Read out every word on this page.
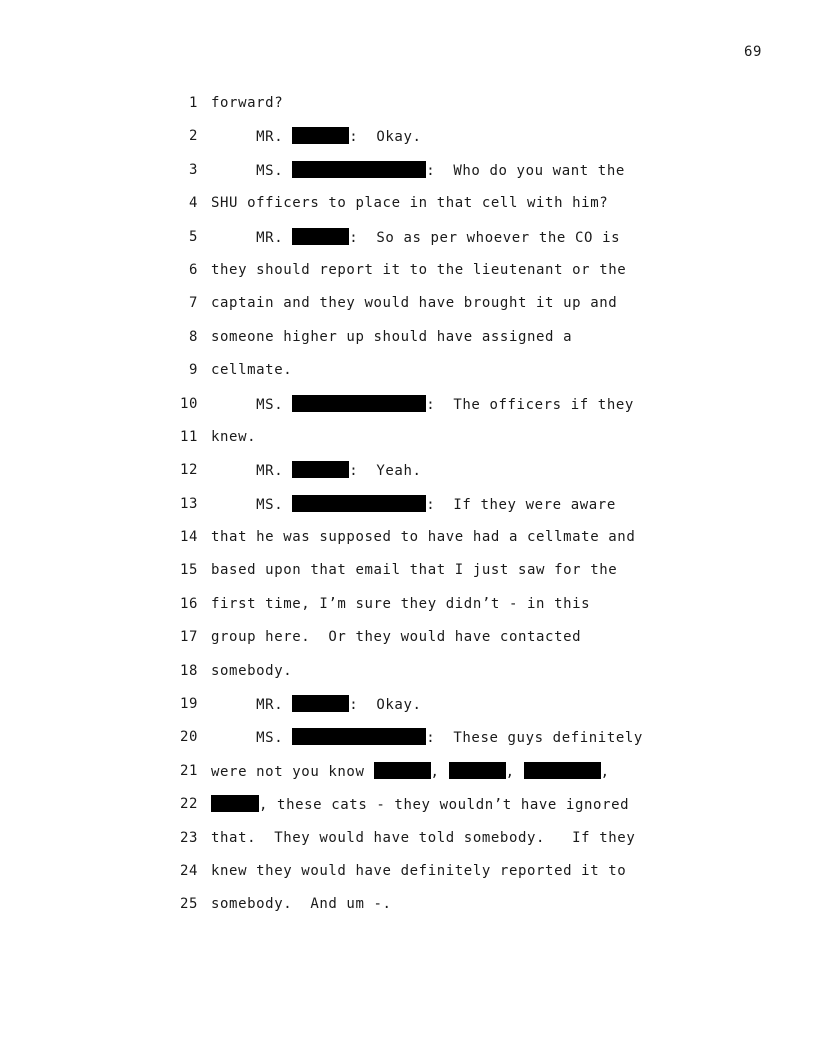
69

1

forward?

2

MR.	:  Okay.

3

MS.	:  Who do you want the

4

SHU officers to place in that cell with him?

5

MR.	:  So as per whoever the CO is

6

they should report it to the lieutenant or the

7

captain and they would have brought it up and

8

someone higher up should have assigned a

9

cellmate.

10

MS.	:  The officers if they

11

knew.

12

MR.	:  Yeah.

13

MS.	:  If they were aware

14

that he was supposed to have had a cellmate and

15

based upon that email that I just saw for the

16

first time, I’m sure they didn’t - in this

17

group here.  Or they would have contacted

18

somebody.

19

MR.	:  Okay.

20

MS.	:  These guys definitely

21

were not you know	,	,	,

22

	, these cats - they wouldn’t have ignored

23

that.  They would have told somebody.   If they

24

knew they would have definitely reported it to

25

somebody.  And um -.
